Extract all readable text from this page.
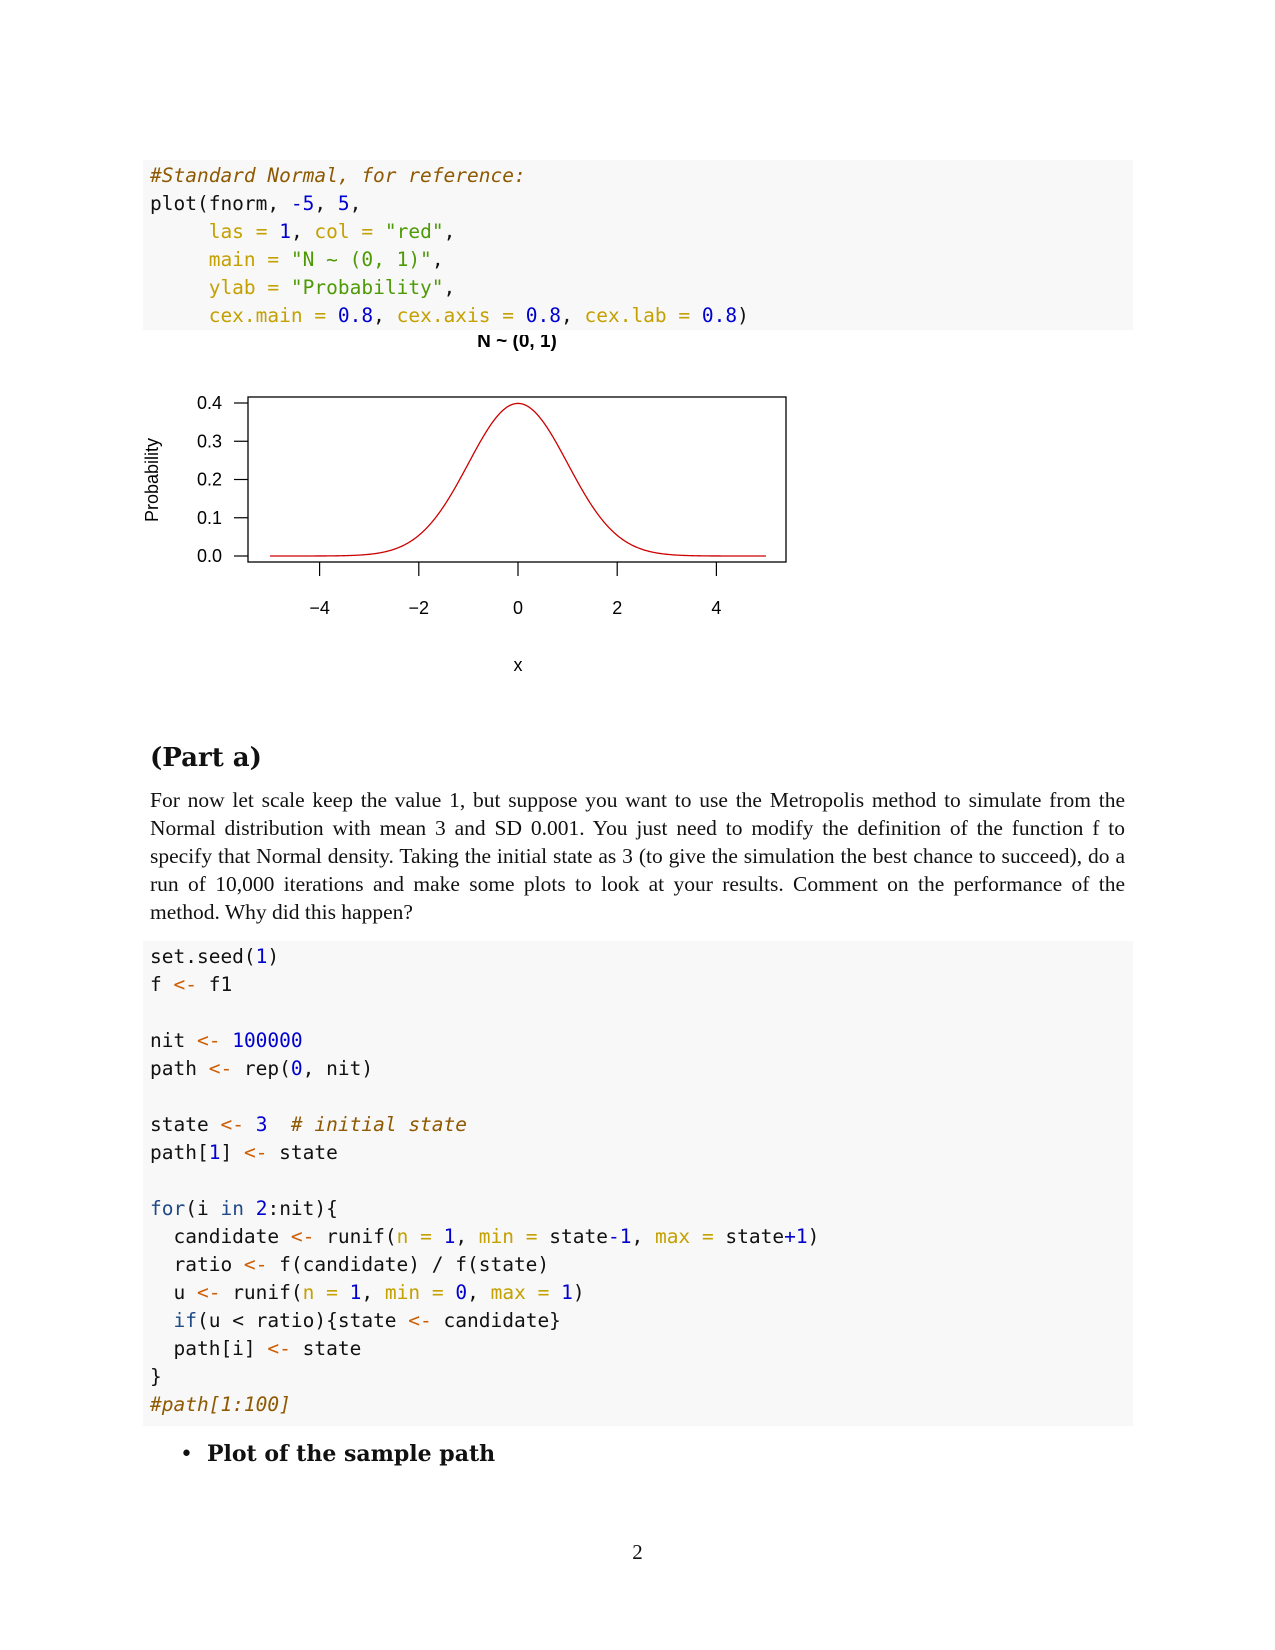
#Standard Normal, for reference:
plot(fnorm, -5, 5,
las = 1, col = "red",
main = "N ~ (0, 1)",
ylab = "Probability",
cex.main = 0.8, cex.axis = 0.8, cex.lab = 0.8)
N ~ (0, 1)
x
Probability
0.0
0.1
0.2
0.3
0.4
−4	−2	0	2	4
(Part a)
For now let scale keep the value 1, but suppose you want to use the Metropolis method to simulate from the Normal distribution with mean 3 and SD 0.001. You just need to modify the definition of the function f to specify that Normal density. Taking the initial state as 3 (to give the simulation the best chance to succeed), do a run of 10,000 iterations and make some plots to look at your results. Comment on the performance of the method. Why did this happen?
set.seed(1)
f <- f1

nit <- 100000
path <- rep(0, nit)

state <- 3 # initial state
path[1] <- state

for(i in 2:nit){
candidate <- runif(n = 1, min = state-1, max = state+1)
ratio <- f(candidate) / f(state)
u <- runif(n = 1, min = 0, max = 1)
if(u < ratio){state <- candidate}
path[i] <- state
}
#path[1:100]
• Plot of the sample path
2
